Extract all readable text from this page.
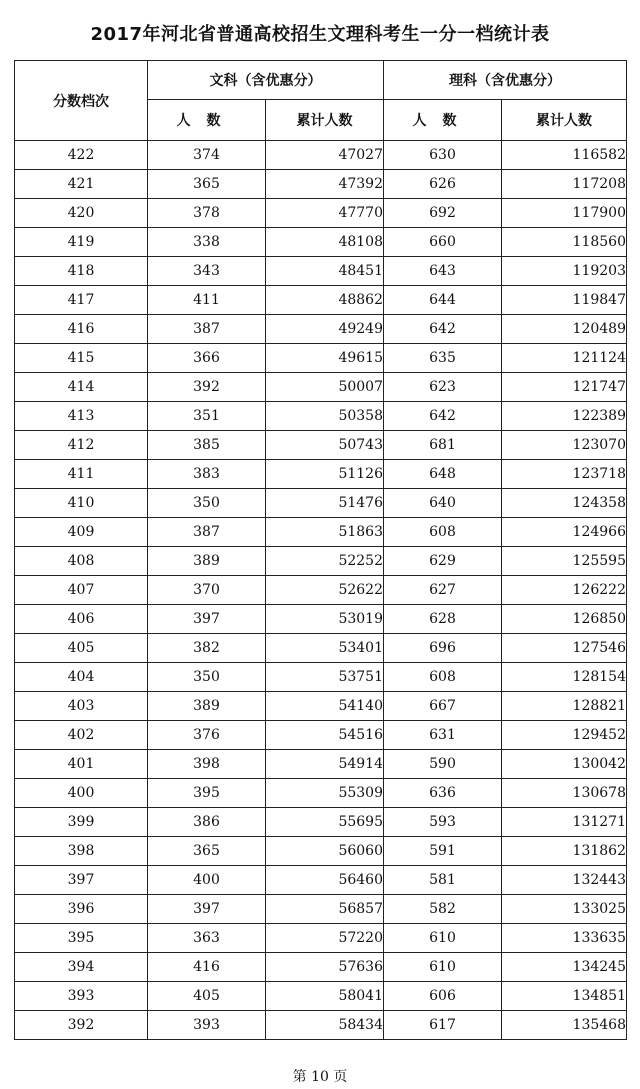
2017年河北省普通高校招生文理科考生一分一档统计表
分数档次	文科（含优惠分）		理科（含优惠分）	
	人数	累计人数	人数	累计人数
422	374	47027	630	116582
421	365	47392	626	117208
420	378	47770	692	117900
419	338	48108	660	118560
418	343	48451	643	119203
417	411	48862	644	119847
416	387	49249	642	120489
415	366	49615	635	121124
414	392	50007	623	121747
413	351	50358	642	122389
412	385	50743	681	123070
411	383	51126	648	123718
410	350	51476	640	124358
409	387	51863	608	124966
408	389	52252	629	125595
407	370	52622	627	126222
406	397	53019	628	126850
405	382	53401	696	127546
404	350	53751	608	128154
403	389	54140	667	128821
402	376	54516	631	129452
401	398	54914	590	130042
400	395	55309	636	130678
399	386	55695	593	131271
398	365	56060	591	131862
397	400	56460	581	132443
396	397	56857	582	133025
395	363	57220	610	133635
394	416	57636	610	134245
393	405	58041	606	134851
392	393	58434	617	135468
第 10 页
